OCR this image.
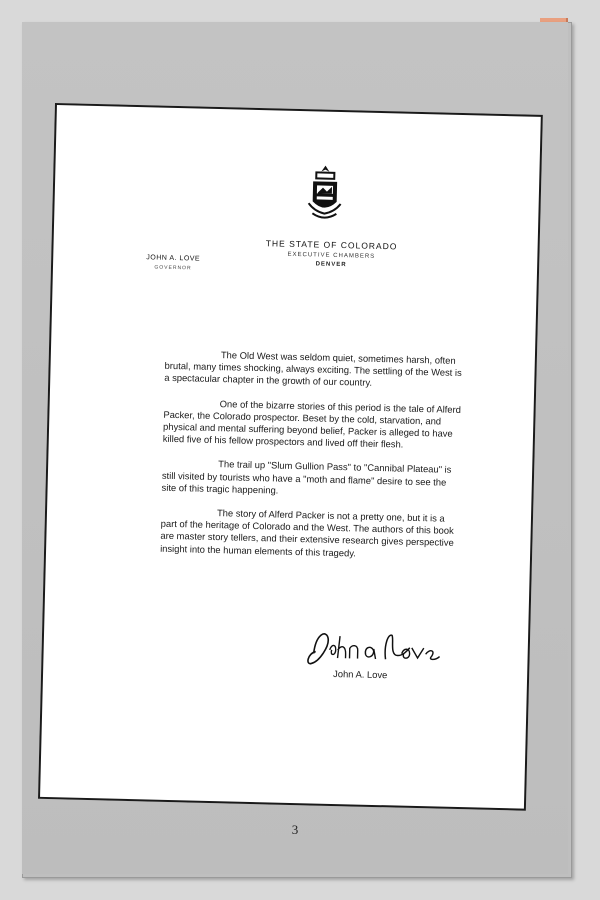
THE STATE OF COLORADO
EXECUTIVE CHAMBERS
DENVER
JOHN A. LOVE
GOVERNOR

The Old West was seldom quiet, sometimes harsh, often brutal, many times shocking, always exciting. The settling of the West is a spectacular chapter in the growth of our country.

One of the bizarre stories of this period is the tale of Alferd Packer, the Colorado prospector. Beset by the cold, starvation, and physical and mental suffering beyond belief, Packer is alleged to have killed five of his fellow prospectors and lived off their flesh.

The trail up "Slum Gullion Pass" to "Cannibal Plateau" is still visited by tourists who have a "moth and flame" desire to see the site of this tragic happening.

The story of Alferd Packer is not a pretty one, but it is a part of the heritage of Colorado and the West. The authors of this book are master story tellers, and their extensive research gives perspective insight into the human elements of this tragedy.

John A. Love
3
